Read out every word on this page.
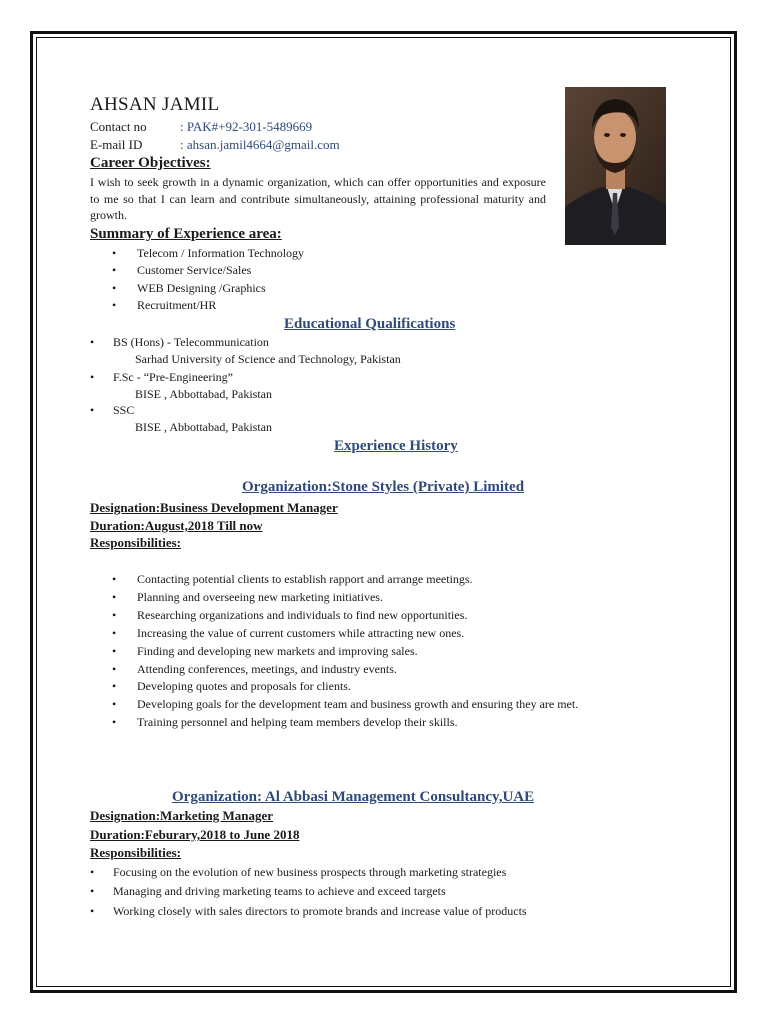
AHSAN JAMIL
Contact no	: PAK#+92-301-5489669
E-mail ID	: ahsan.jamil4664@gmail.com
Career Objectives:
I wish to seek growth in a dynamic organization, which can offer opportunities and exposure to me so that I can learn and contribute simultaneously, attaining professional maturity and growth.
Summary of Experience area:
• Telecom / Information Technology
• Customer Service/Sales
• WEB Designing /Graphics
• Recruitment/HR
Educational Qualifications
• BS (Hons) - Telecommunication
Sarhad University of Science and Technology, Pakistan
• F.Sc - “Pre-Engineering”
BISE , Abbottabad, Pakistan
• SSC
BISE , Abbottabad, Pakistan
Experience History
Organization:Stone Styles (Private) Limited
Designation:Business Development Manager
Duration:August,2018 Till now
Responsibilities:
• Contacting potential clients to establish rapport and arrange meetings.
• Planning and overseeing new marketing initiatives.
• Researching organizations and individuals to find new opportunities.
• Increasing the value of current customers while attracting new ones.
• Finding and developing new markets and improving sales.
• Attending conferences, meetings, and industry events.
• Developing quotes and proposals for clients.
• Developing goals for the development team and business growth and ensuring they are met.
• Training personnel and helping team members develop their skills.
Organization: Al Abbasi Management Consultancy,UAE
Designation:Marketing Manager
Duration:Feburary,2018 to June 2018
Responsibilities:
• Focusing on the evolution of new business prospects through marketing strategies
• Managing and driving marketing teams to achieve and exceed targets
• Working closely with sales directors to promote brands and increase value of products
